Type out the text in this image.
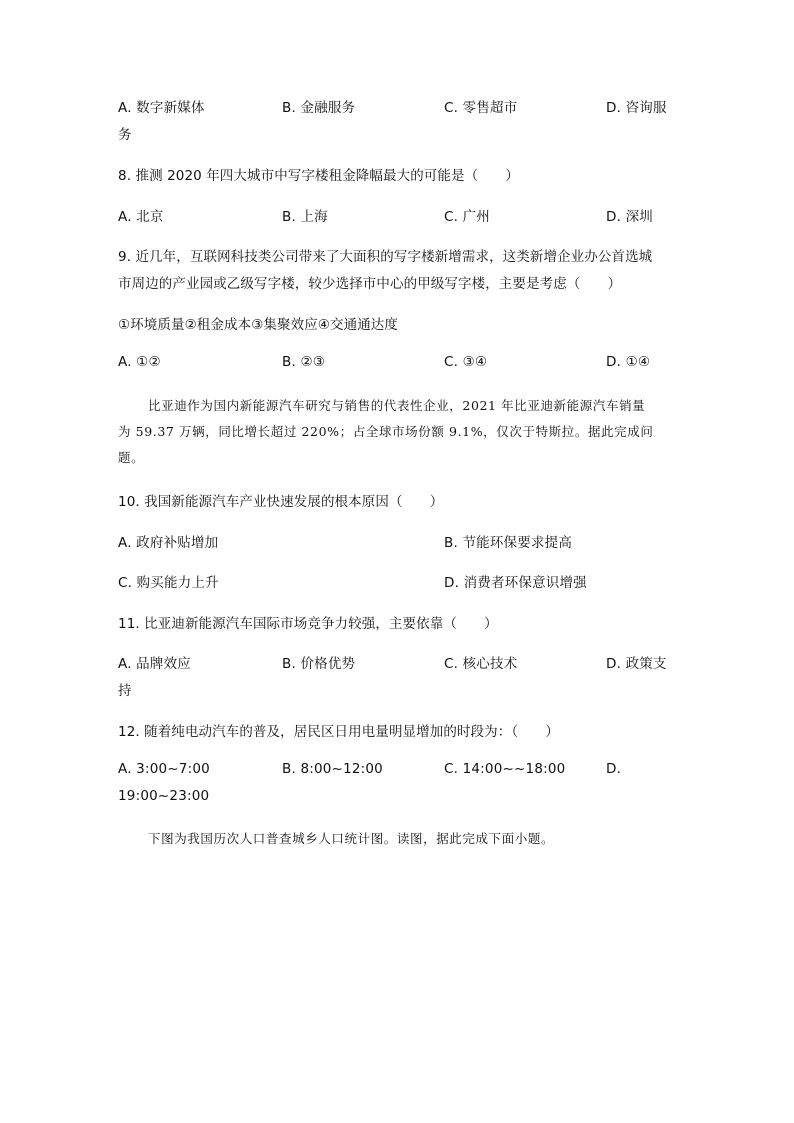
A. 数字新媒体	B. 金融服务	C. 零售超市	D. 咨询服
务
8. 推测 2020 年四大城市中写字楼租金降幅最大的可能是（　　）
A. 北京	B. 上海	C. 广州	D. 深圳
9. 近几年，互联网科技类公司带来了大面积的写字楼新增需求，这类新增企业办公首选城
市周边的产业园或乙级写字楼，较少选择市中心的甲级写字楼，主要是考虑（　　）
①环境质量②租金成本③集聚效应④交通通达度
A. ①②	B. ②③	C. ③④	D. ①④
比亚迪作为国内新能源汽车研究与销售的代表性企业，2021 年比亚迪新能源汽车销量
为 59.37 万辆，同比增长超过 220%；占全球市场份额 9.1%，仅次于特斯拉。据此完成问
题。
10. 我国新能源汽车产业快速发展的根本原因（　　）
A. 政府补贴增加	B. 节能环保要求提高
C. 购买能力上升	D. 消费者环保意识增强
11. 比亚迪新能源汽车国际市场竞争力较强，主要依靠（　　）
A. 品牌效应	B. 价格优势	C. 核心技术	D. 政策支
持
12. 随着纯电动汽车的普及，居民区日用电量明显增加的时段为：（　　）
A. 3:00~7:00	B. 8:00~12:00	C. 14:00~~18:00	D.
19:00~23:00
下图为我国历次人口普查城乡人口统计图。读图，据此完成下面小题。
